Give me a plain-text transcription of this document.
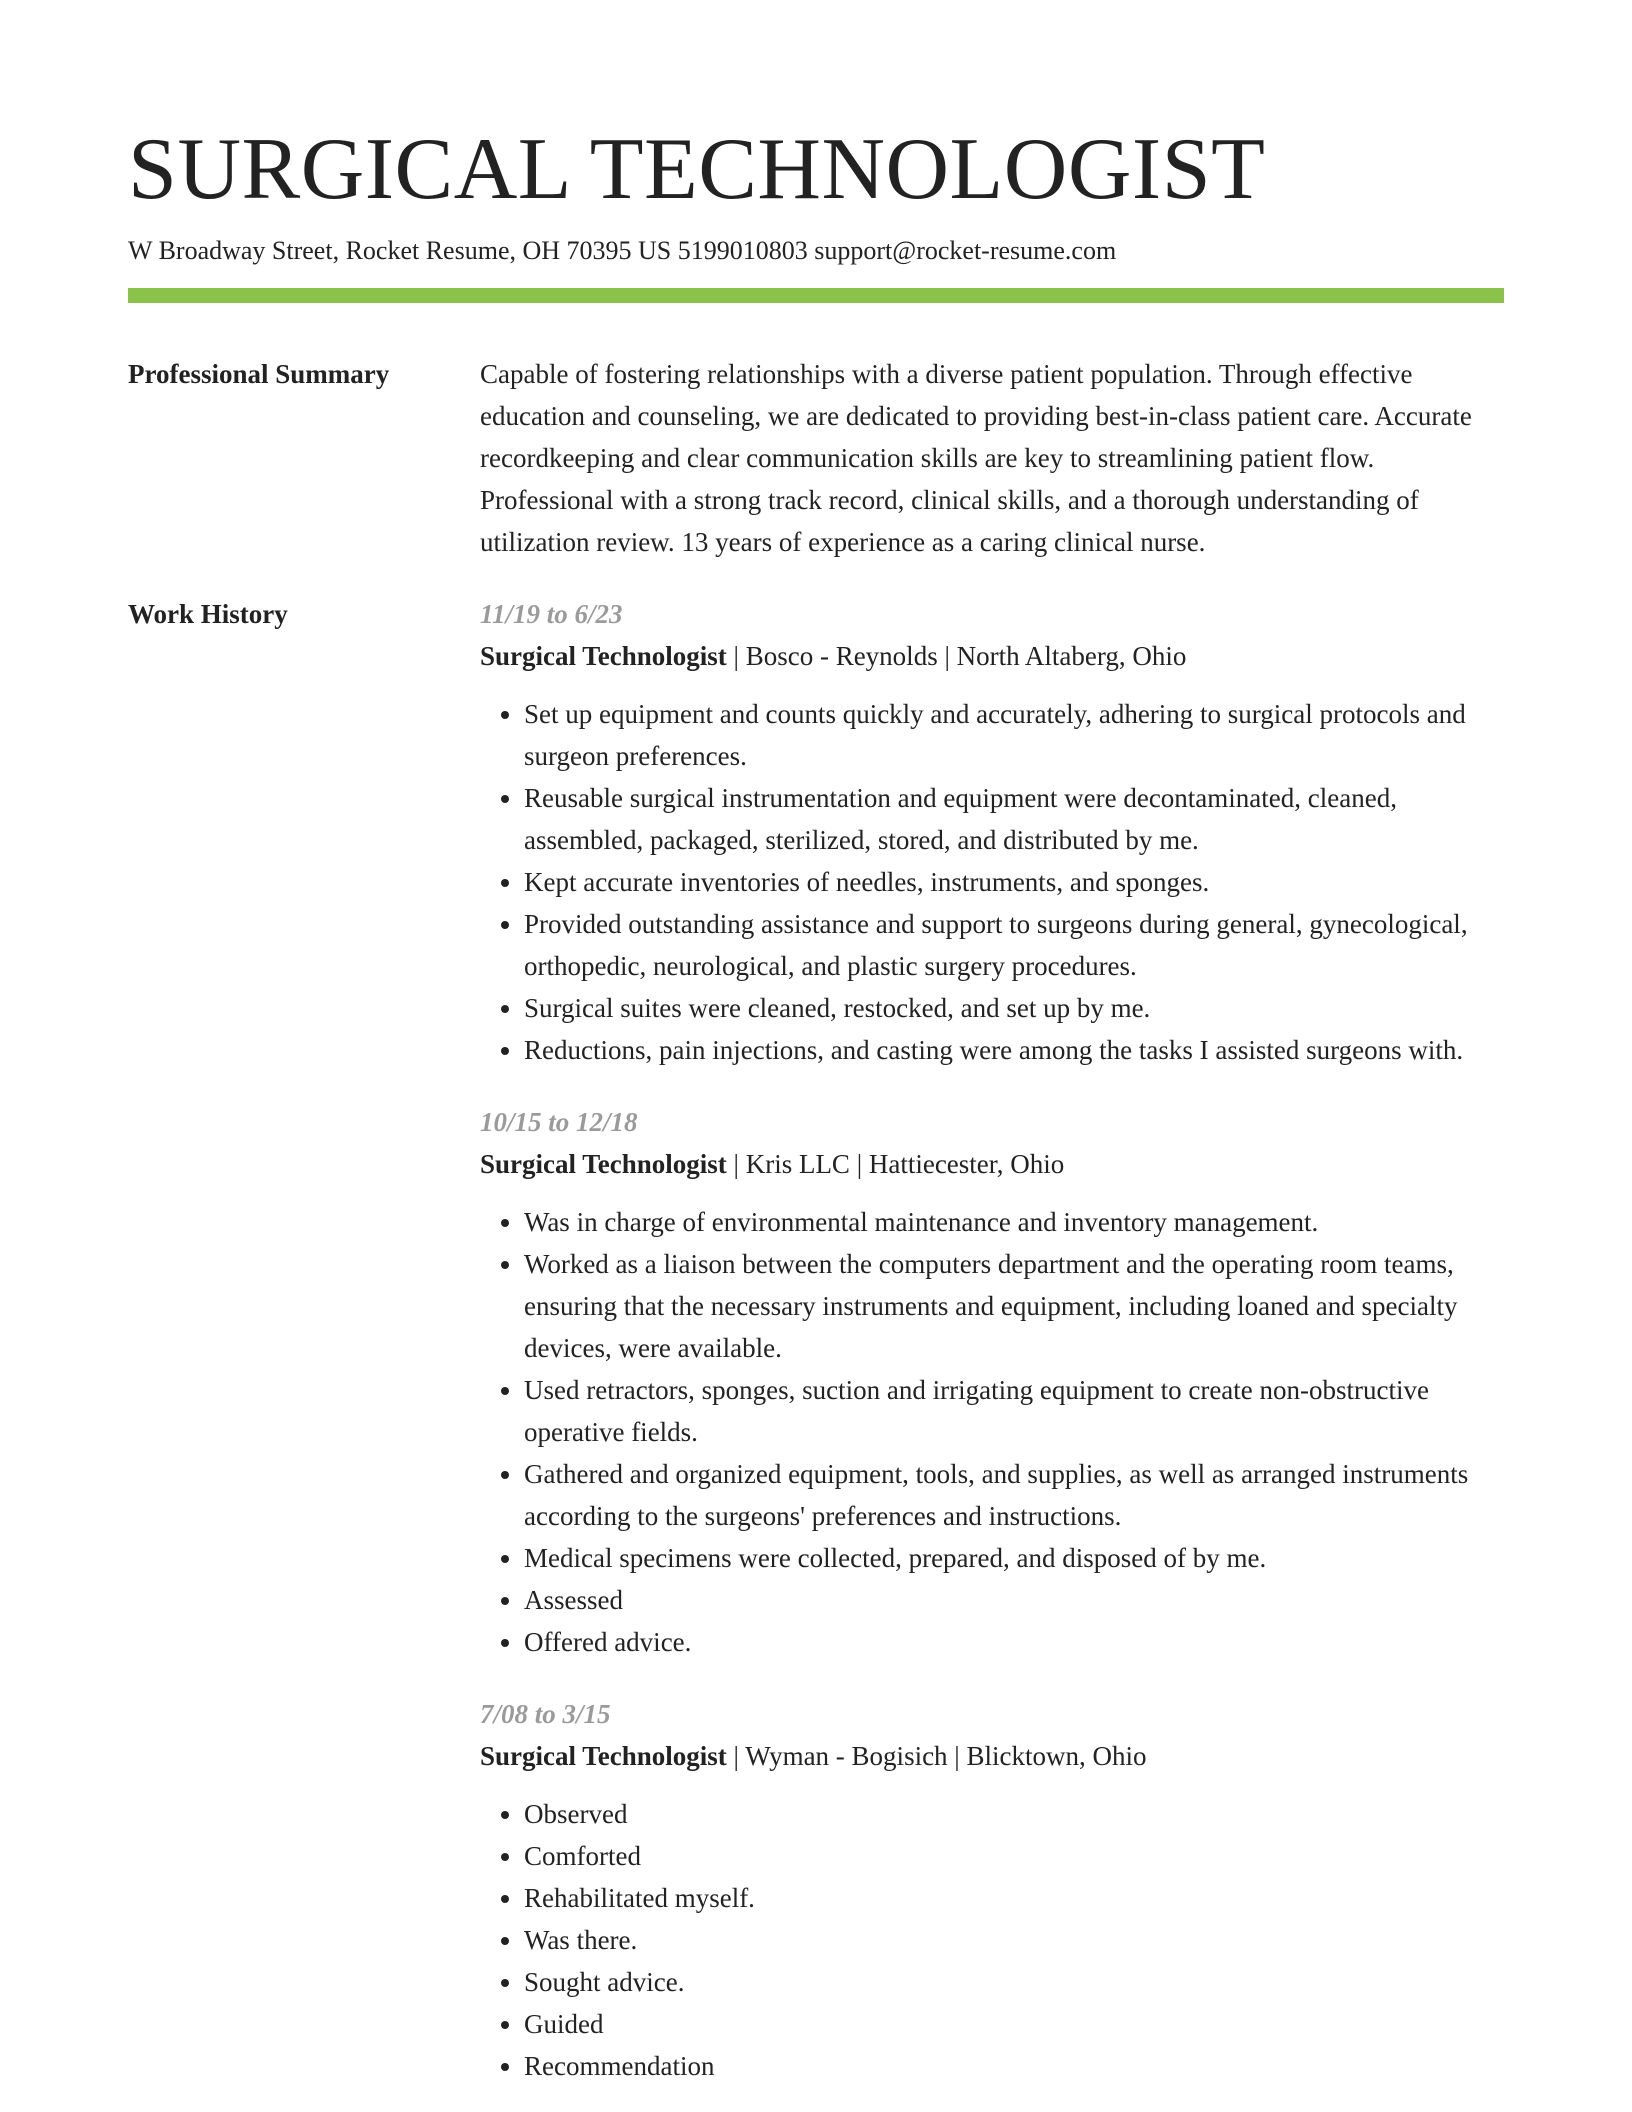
SURGICAL TECHNOLOGIST
W Broadway Street, Rocket Resume, OH 70395 US 5199010803 support@rocket-resume.com
Professional Summary	Capable of fostering relationships with a diverse patient population. Through effective education and counseling, we are dedicated to providing best-in-class patient care. Accurate recordkeeping and clear communication skills are key to streamlining patient flow. Professional with a strong track record, clinical skills, and a thorough understanding of utilization review. 13 years of experience as a caring clinical nurse.
Work History	11/19 to 6/23
Surgical Technologist | Bosco - Reynolds | North Altaberg, Ohio
• Set up equipment and counts quickly and accurately, adhering to surgical protocols and surgeon preferences.
• Reusable surgical instrumentation and equipment were decontaminated, cleaned, assembled, packaged, sterilized, stored, and distributed by me.
• Kept accurate inventories of needles, instruments, and sponges.
• Provided outstanding assistance and support to surgeons during general, gynecological, orthopedic, neurological, and plastic surgery procedures.
• Surgical suites were cleaned, restocked, and set up by me.
• Reductions, pain injections, and casting were among the tasks I assisted surgeons with.
10/15 to 12/18
Surgical Technologist | Kris LLC | Hattiecester, Ohio
• Was in charge of environmental maintenance and inventory management.
• Worked as a liaison between the computers department and the operating room teams, ensuring that the necessary instruments and equipment, including loaned and specialty devices, were available.
• Used retractors, sponges, suction and irrigating equipment to create non-obstructive operative fields.
• Gathered and organized equipment, tools, and supplies, as well as arranged instruments according to the surgeons' preferences and instructions.
• Medical specimens were collected, prepared, and disposed of by me.
• Assessed
• Offered advice.
7/08 to 3/15
Surgical Technologist | Wyman - Bogisich | Blicktown, Ohio
• Observed
• Comforted
• Rehabilitated myself.
• Was there.
• Sought advice.
• Guided
• Recommendation
